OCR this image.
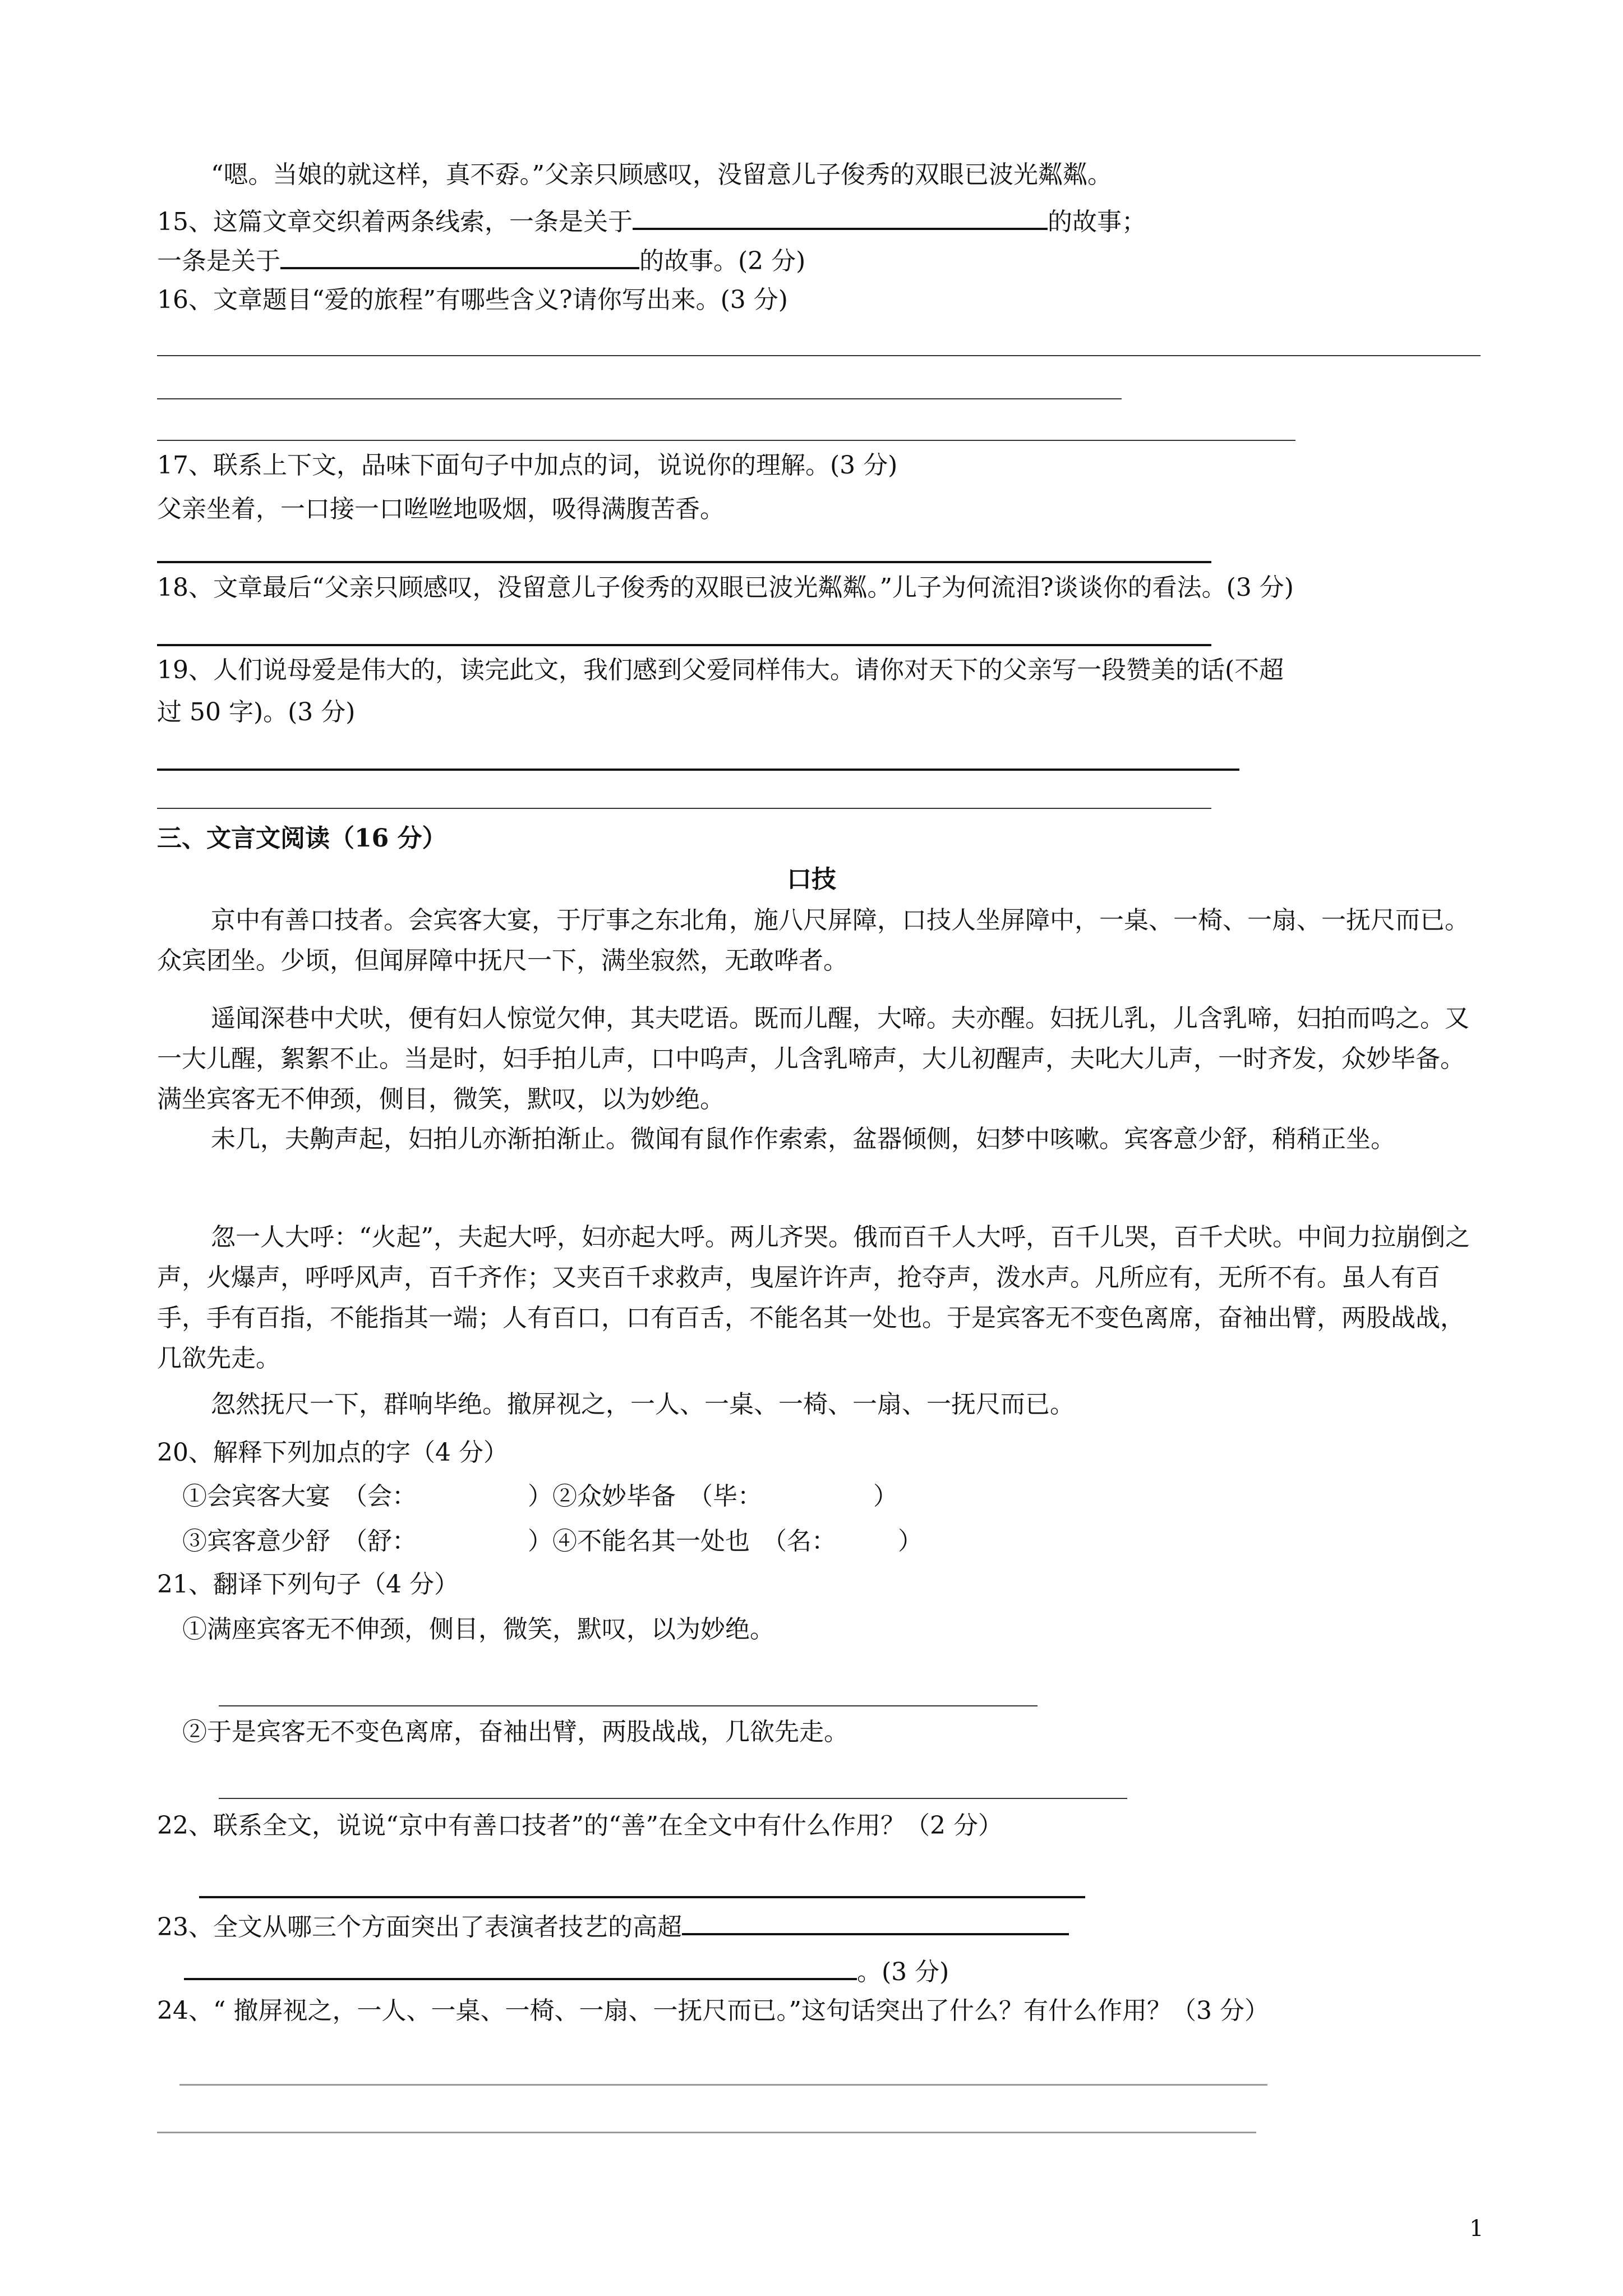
“嗯。当娘的就这样，真不孬。”父亲只顾感叹，没留意儿子俊秀的双眼已波光粼粼。
15、这篇文章交织着两条线索，一条是关于	的故事；
一条是关于	的故事。(2 分)
16、文章题目“爱的旅程”有哪些含义?请你写出来。(3 分)
17、联系上下文，品味下面句子中加点的词，说说你的理解。(3 分)
父亲坐着，一口接一口咝咝地吸烟，吸得满腹苦香。
18、文章最后“父亲只顾感叹，没留意儿子俊秀的双眼已波光粼粼。”儿子为何流泪?谈谈你的看法。(3 分)
19、人们说母爱是伟大的，读完此文，我们感到父爱同样伟大。请你对天下的父亲写一段赞美的话(不超
过 50 字)。(3 分)
三、文言文阅读（16 分）
口技
京中有善口技者。会宾客大宴，于厅事之东北角，施八尺屏障，口技人坐屏障中，一桌、一椅、一扇、一抚尺而已。众宾团坐。少顷，但闻屏障中抚尺一下，满坐寂然，无敢哗者。
遥闻深巷中犬吠，便有妇人惊觉欠伸，其夫呓语。既而儿醒，大啼。夫亦醒。妇抚儿乳，儿含乳啼，妇拍而呜之。又一大儿醒，絮絮不止。当是时，妇手拍儿声，口中呜声，儿含乳啼声，大儿初醒声，夫叱大儿声，一时齐发，众妙毕备。满坐宾客无不伸颈，侧目，微笑，默叹，以为妙绝。
未几，夫齁声起，妇拍儿亦渐拍渐止。微闻有鼠作作索索，盆器倾侧，妇梦中咳嗽。宾客意少舒，稍稍正坐。
忽一人大呼：“火起”，夫起大呼，妇亦起大呼。两儿齐哭。俄而百千人大呼，百千儿哭，百千犬吠。中间力拉崩倒之声，火爆声，呼呼风声，百千齐作；又夹百千求救声，曳屋许许声，抢夺声，泼水声。凡所应有，无所不有。虽人有百手，手有百指，不能指其一端；人有百口，口有百舌，不能名其一处也。于是宾客无不变色离席，奋袖出臂，两股战战，几欲先走。
忽然抚尺一下，群响毕绝。撤屏视之，一人、一桌、一椅、一扇、一抚尺而已。
20、解释下列加点的字（4 分）
①会宾客大宴　（会：　　　　　）②众妙毕备　（毕：　　　　　）
③宾客意少舒　（舒：　　　　　）④不能名其一处也　（名：　　　）
21、翻译下列句子（4 分）
①满座宾客无不伸颈，侧目，微笑，默叹，以为妙绝。
②于是宾客无不变色离席，奋袖出臂，两股战战，几欲先走。
22、联系全文，说说“京中有善口技者”的“善”在全文中有什么作用？（2 分）
23、全文从哪三个方面突出了表演者技艺的高超
。(3 分)
24、“ 撤屏视之，一人、一桌、一椅、一扇、一抚尺而已。”这句话突出了什么？有什么作用？（3 分）
1
